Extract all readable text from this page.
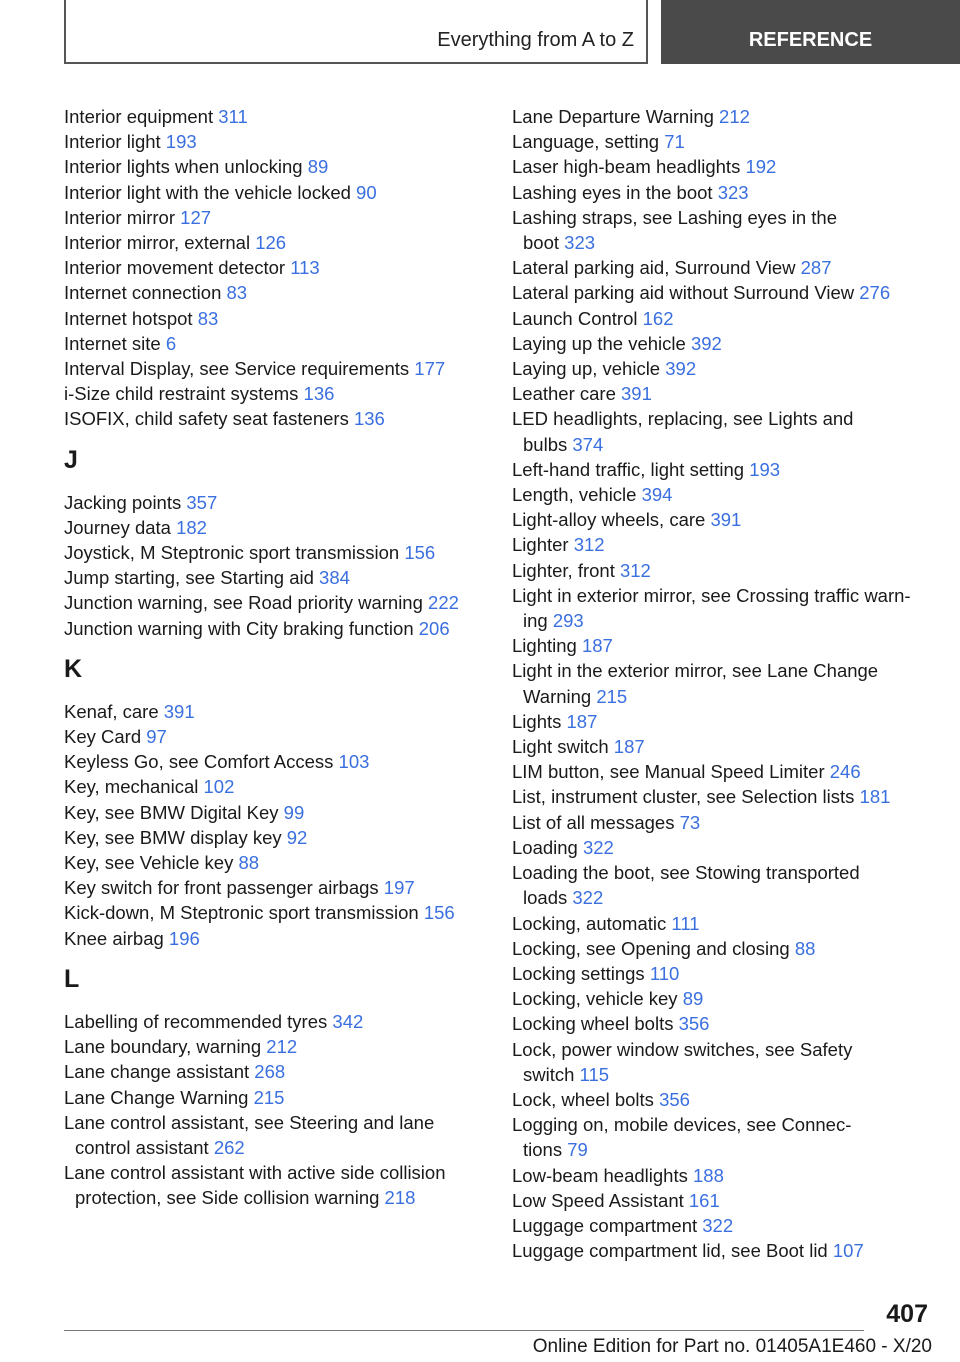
Everything from A to Z	REFERENCE
Interior equipment 311
Interior light 193
Interior lights when unlocking 89
Interior light with the vehicle locked 90
Interior mirror 127
Interior mirror, external 126
Interior movement detector 113
Internet connection 83
Internet hotspot 83
Internet site 6
Interval Display, see Service requirements 177
i-Size child restraint systems 136
ISOFIX, child safety seat fasteners 136
J
Jacking points 357
Journey data 182
Joystick, M Steptronic sport transmission 156
Jump starting, see Starting aid 384
Junction warning, see Road priority warning 222
Junction warning with City braking function 206
K
Kenaf, care 391
Key Card 97
Keyless Go, see Comfort Access 103
Key, mechanical 102
Key, see BMW Digital Key 99
Key, see BMW display key 92
Key, see Vehicle key 88
Key switch for front passenger airbags 197
Kick-down, M Steptronic sport transmission 156
Knee airbag 196
L
Labelling of recommended tyres 342
Lane boundary, warning 212
Lane change assistant 268
Lane Change Warning 215
Lane control assistant, see Steering and lane
control assistant 262
Lane control assistant with active side collision
protection, see Side collision warning 218
Lane Departure Warning 212
Language, setting 71
Laser high-beam headlights 192
Lashing eyes in the boot 323
Lashing straps, see Lashing eyes in the
boot 323
Lateral parking aid, Surround View 287
Lateral parking aid without Surround View 276
Launch Control 162
Laying up the vehicle 392
Laying up, vehicle 392
Leather care 391
LED headlights, replacing, see Lights and
bulbs 374
Left-hand traffic, light setting 193
Length, vehicle 394
Light-alloy wheels, care 391
Lighter 312
Lighter, front 312
Light in exterior mirror, see Crossing traffic warn-
ing 293
Lighting 187
Light in the exterior mirror, see Lane Change
Warning 215
Lights 187
Light switch 187
LIM button, see Manual Speed Limiter 246
List, instrument cluster, see Selection lists 181
List of all messages 73
Loading 322
Loading the boot, see Stowing transported
loads 322
Locking, automatic 111
Locking, see Opening and closing 88
Locking settings 110
Locking, vehicle key 89
Locking wheel bolts 356
Lock, power window switches, see Safety
switch 115
Lock, wheel bolts 356
Logging on, mobile devices, see Connec-
tions 79
Low-beam headlights 188
Low Speed Assistant 161
Luggage compartment 322
Luggage compartment lid, see Boot lid 107
407
Online Edition for Part no. 01405A1E460 - X/20
